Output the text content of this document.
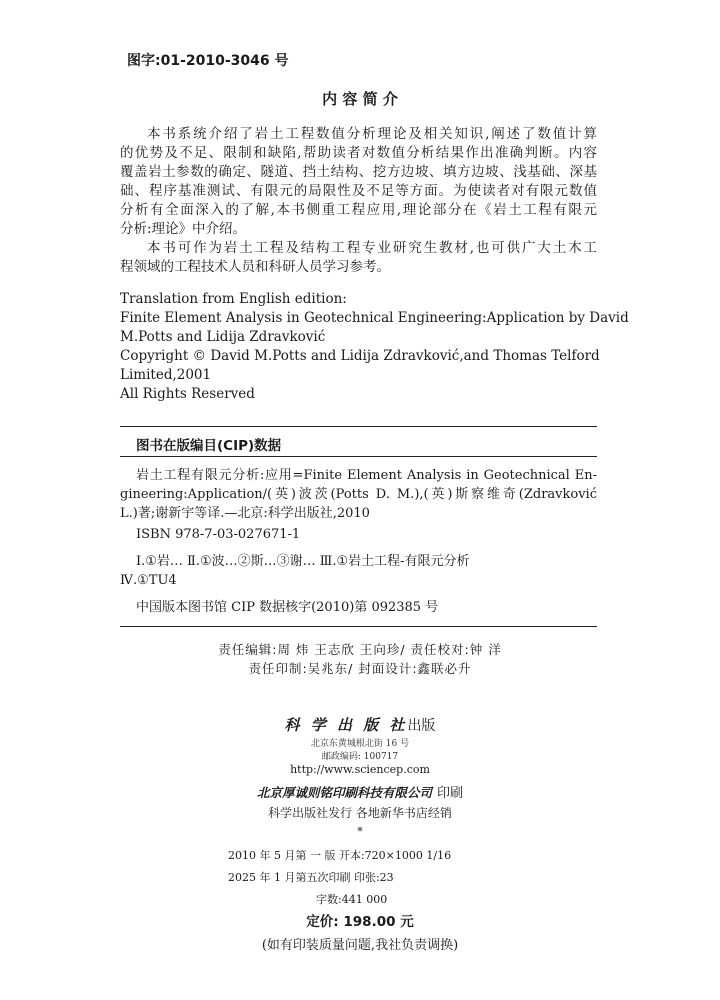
图字:01-2010-3046 号
内 容 简 介
本书系统介绍了岩土工程数值分析理论及相关知识,阐述了数值计算
的优势及不足、限制和缺陷,帮助读者对数值分析结果作出准确判断。内容
覆盖岩土参数的确定、隧道、挡土结构、挖方边坡、填方边坡、浅基础、深基
础、程序基准测试、有限元的局限性及不足等方面。为使读者对有限元数值
分析有全面深入的了解,本书侧重工程应用,理论部分在《岩土工程有限元
分析:理论》中介绍。
本书可作为岩土工程及结构工程专业研究生教材,也可供广大土木工
程领域的工程技术人员和科研人员学习参考。
Translation from English edition:
Finite Element Analysis in Geotechnical Engineering:Application by David
M.Potts and Lidija Zdravković
Copyright © David M.Potts and Lidija Zdravković,and Thomas Telford
Limited,2001
All Rights Reserved
图书在版编目(CIP)数据
岩土工程有限元分析:应用=Finite Element Analysis in Geotechnical En-
gineering:Application/(英)波茨(Potts D. M.),(英)斯察维奇(Zdravković
L.)著;谢新宇等译.—北京:科学出版社,2010
ISBN 978-7-03-027671-1
Ⅰ.①岩… Ⅱ.①波…②斯…③谢… Ⅲ.①岩土工程-有限元分析
Ⅳ.①TU4
中国版本图书馆 CIP 数据核字(2010)第 092385 号
责任编辑:周 炜 王志欣 王向珍/ 责任校对:钟 洋
责任印制:吴兆东/ 封面设计:鑫联必升
科 学 出 版 社出版
北京东黄城根北街 16 号
邮政编码: 100717
http://www.sciencep.com
北京厚诚则铭印刷科技有限公司 印刷
科学出版社发行 各地新华书店经销
*
2010 年 5 月第 一 版 开本:720×1000 1/16
2025 年 1 月第五次印刷 印张:23
字数:441 000
定价: 198.00 元
(如有印装质量问题,我社负责调换)
